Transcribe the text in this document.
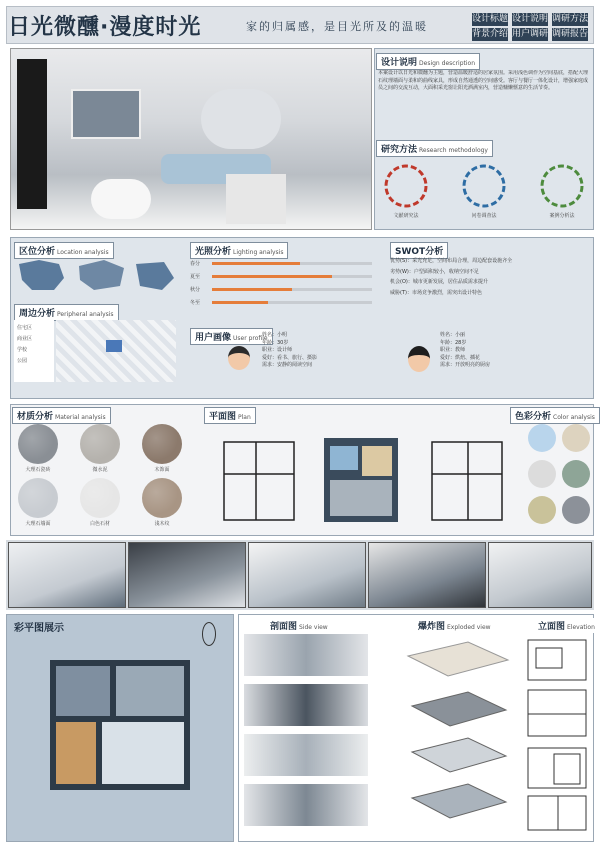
日光微醺·漫度时光	家的归属感，是目光所及的温暖
设计标题 设计说明 调研方法
背景介绍 用户调研 调研报告
设计说明 Design description
本案设计以日光和微醺为主题，营造温暖舒适的居家氛围。采用浅色调作为空间基底，搭配大理石纹理墙面与柔和的曲线家具，形成自然通透的空间感受。客厅与餐厅一体化设计，增强家庭成员之间的交流互动，大面积采光窗让阳光洒满室内，营造慵懒惬意的生活节奏。
研究方法 Research methodology
文献研究法	问卷调查法	案例分析法
区位分析 Location analysis
周边分析 Peripheral analysis
住宅区
商业区
学校
公园
光照分析 Lighting analysis
春分
夏至
秋分
冬至
用户画像 User profile
姓名：小明
年龄：30岁
职业：设计师
爱好：看书、旅行、摄影
需求：安静的阅读空间
SWOT分析
优势(S)：采光充足，空间布局合理，周边配套设施齐全
劣势(W)：户型面积较小，收纳空间不足
机会(O)：城市更新发展，居住品质需求提升
威胁(T)：市场竞争激烈，需突出设计特色
姓名：小丽
年龄：28岁
职业：教师
爱好：烘焙、插花
需求：开放明亮的厨房
材质分析 Material analysis
大理石瓷砖	微水泥	木饰面
大理石墙面	白色石材	浅木纹
平面图 Plan	色彩分析 Color analysis
彩平图展示	剖面图 Side view	爆炸图 Exploded view	立面图 Elevation
